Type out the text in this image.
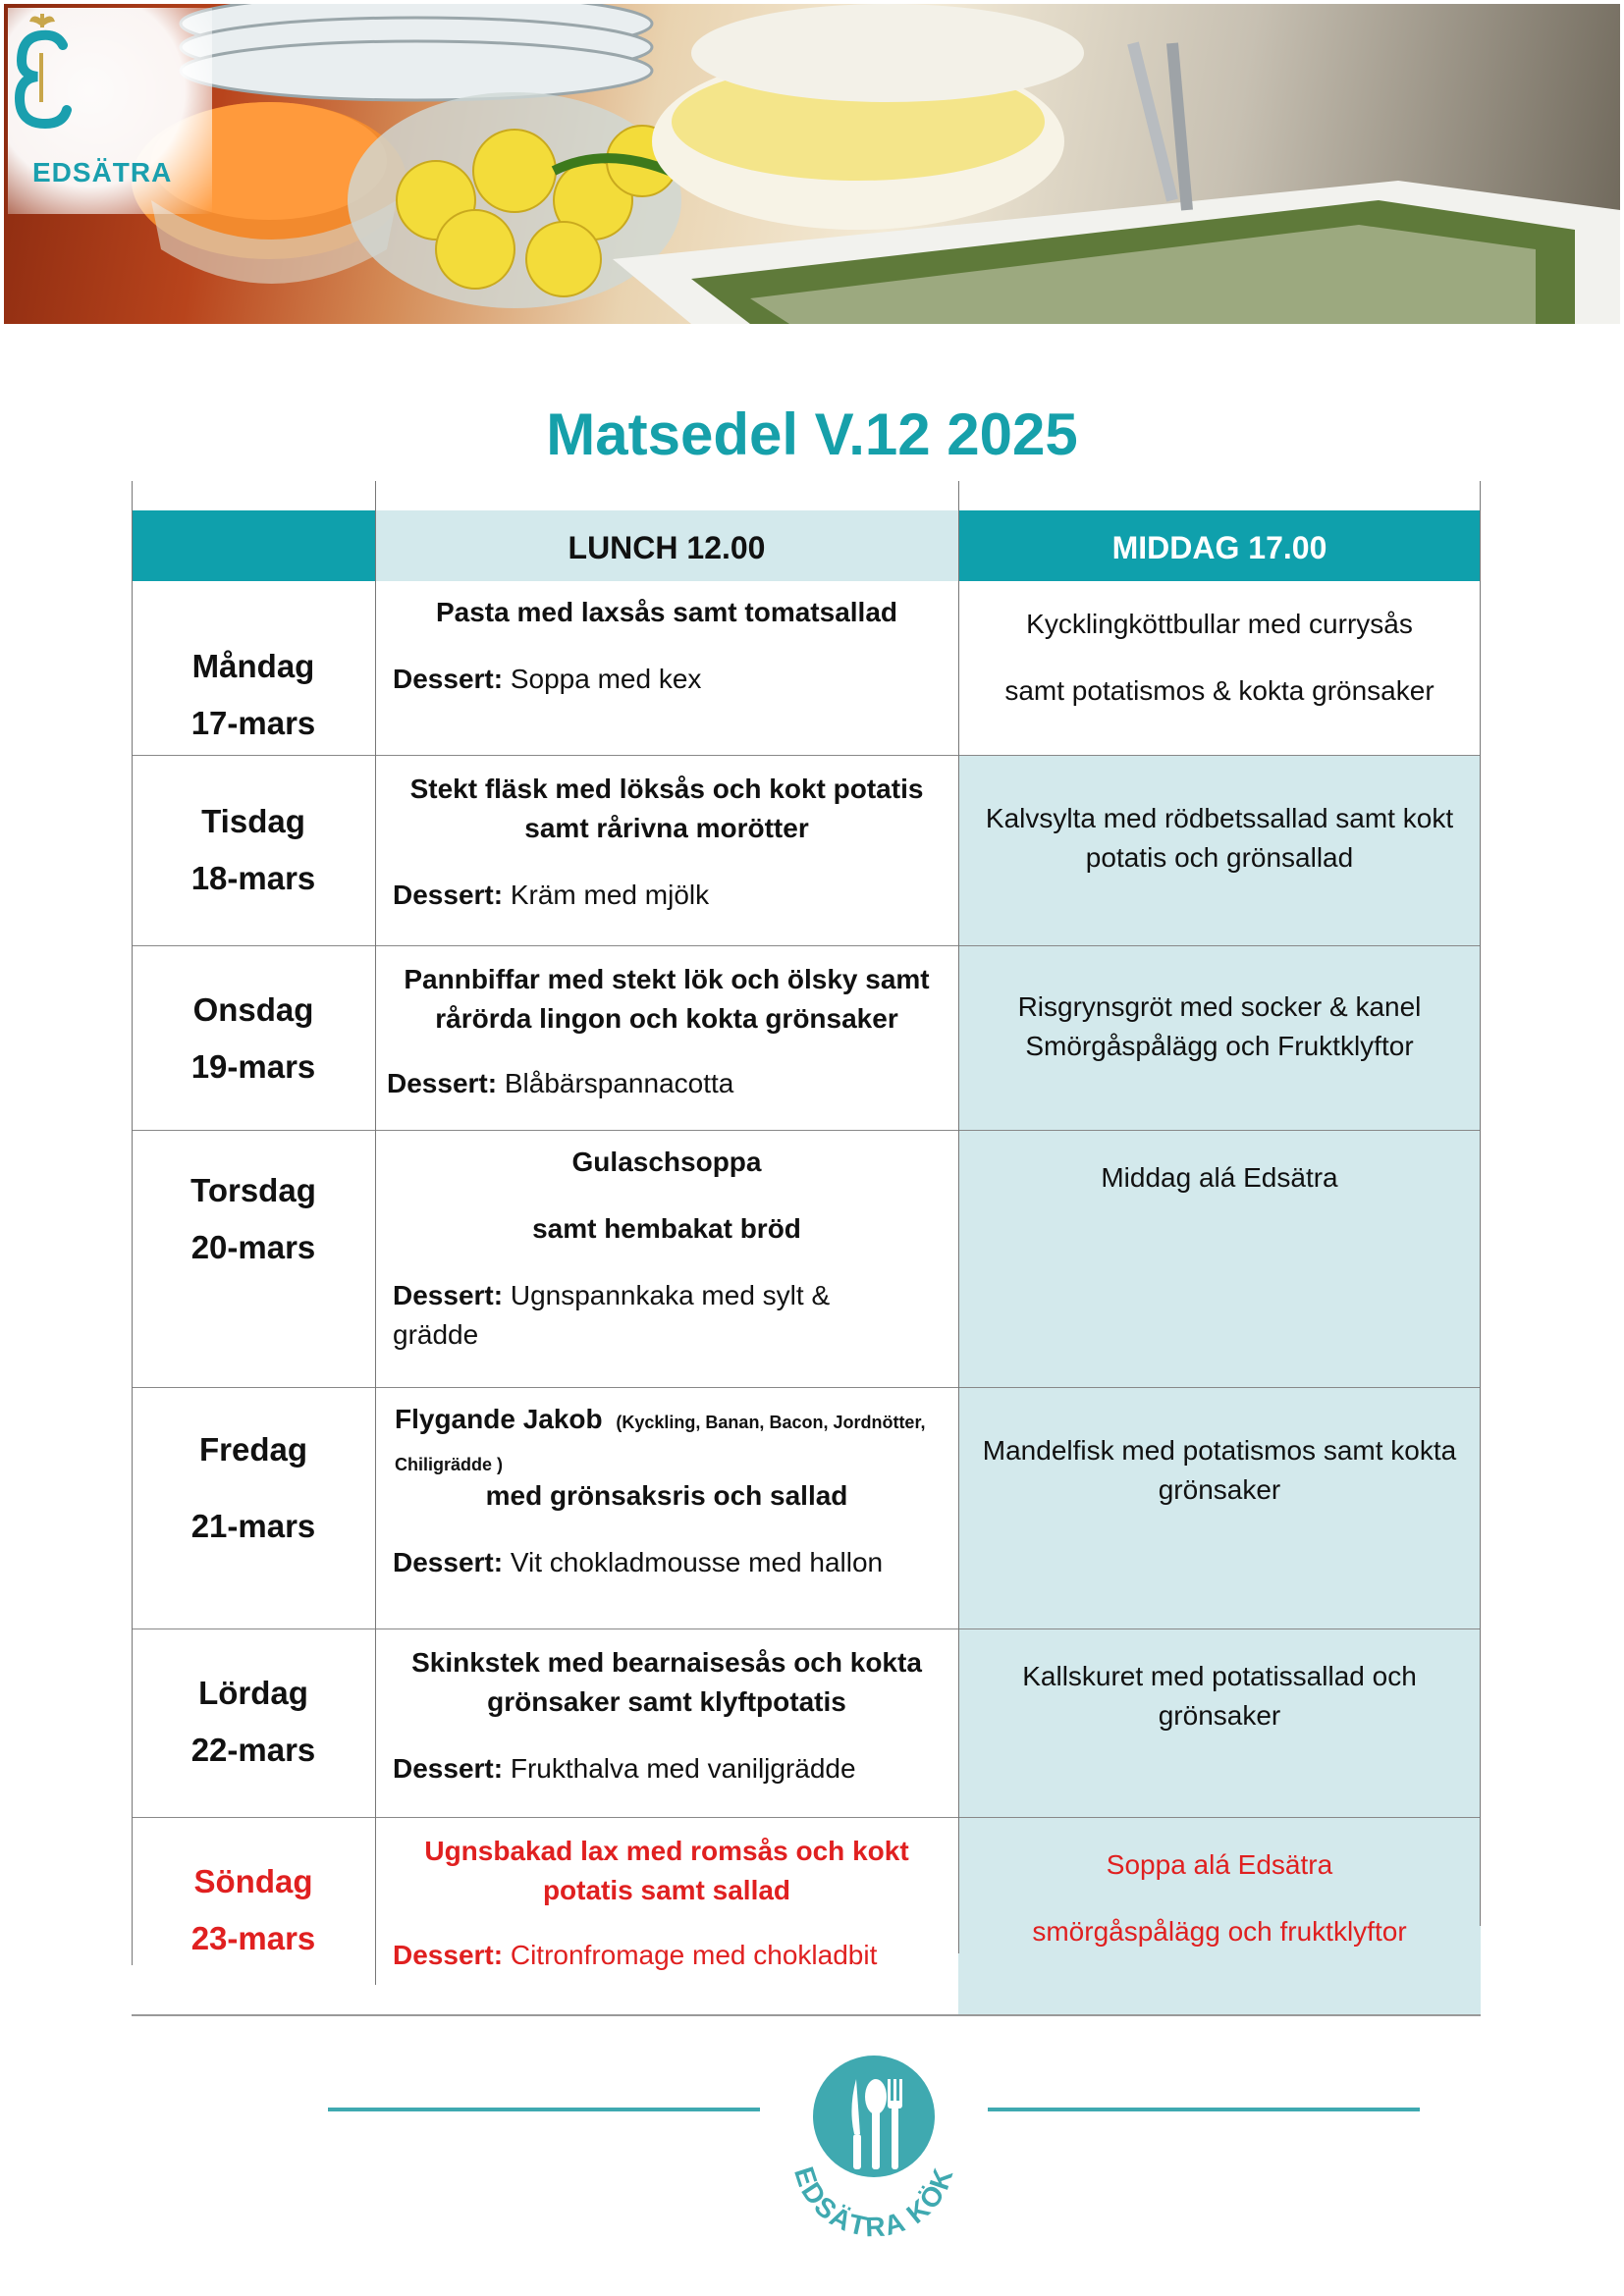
EDSÄTRA
Matsedel V.12 2025
LUNCH 12.00	MIDDAG 17.00
Måndag
17-mars
Pasta med laxsås samt tomatsallad
Dessert: Soppa med kex
Kycklingköttbullar med currysås
samt potatismos & kokta grönsaker
Tisdag
18-mars
Stekt fläsk med löksås och kokt potatis samt rårivna morötter
Dessert: Kräm med mjölk
Kalvsylta med rödbetssallad samt kokt potatis och grönsallad
Onsdag
19-mars
Pannbiffar med stekt lök och ölsky samt rårörda lingon och kokta grönsaker
Dessert: Blåbärspannacotta
Risgrynsgröt med socker & kanel Smörgåspålägg och Fruktklyftor
Torsdag
20-mars
Gulaschsoppa
samt hembakat bröd
Dessert: Ugnspannkaka med sylt & grädde
Middag alá Edsätra
Fredag
21-mars
Flygande Jakob (Kyckling, Banan, Bacon, Jordnötter, Chiligrädde )
med grönsaksris och sallad
Dessert: Vit chokladmousse med hallon
Mandelfisk med potatismos samt kokta grönsaker
Lördag
22-mars
Skinkstek med bearnaisesås och kokta grönsaker samt klyftpotatis
Dessert: Frukthalva med vaniljgrädde
Kallskuret med potatissallad och grönsaker
Söndag
23-mars
Ugnsbakad lax med romsås och kokt potatis samt sallad
Dessert: Citronfromage med chokladbit
Soppa alá Edsätra
smörgåspålägg och fruktklyftor
EDSÄTRA KÖK
